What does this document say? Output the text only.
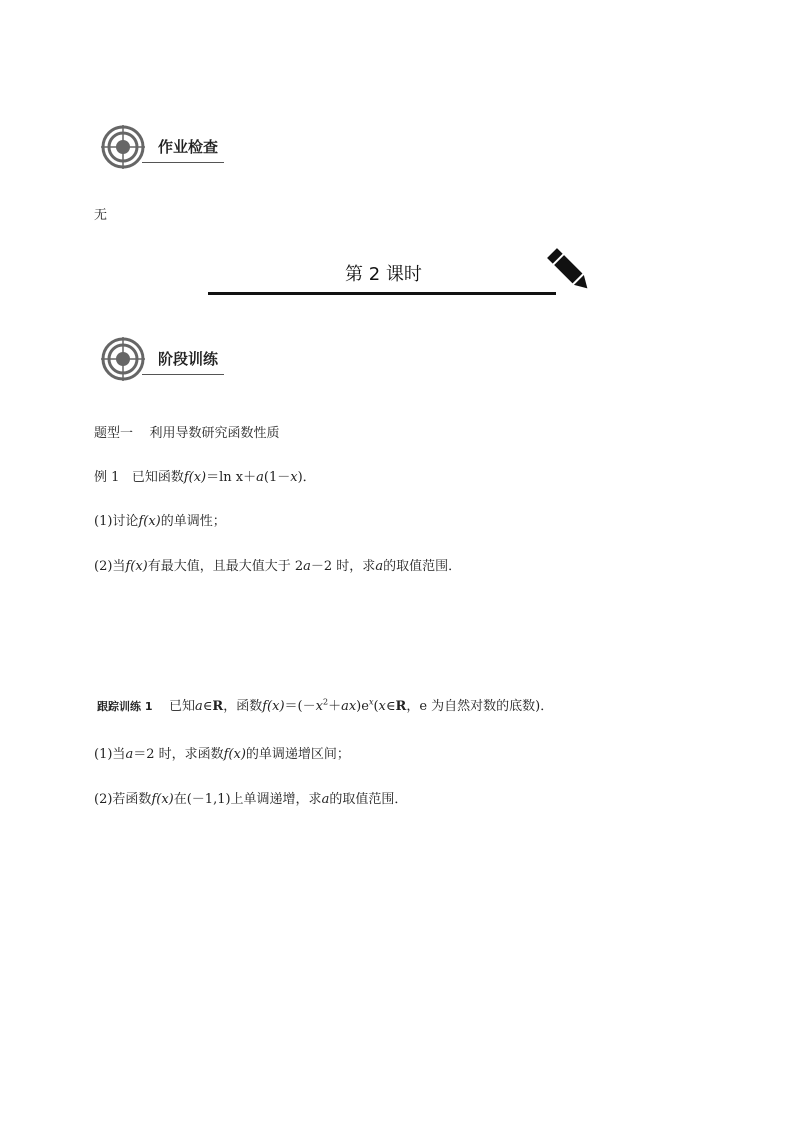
作业检查
无
第 2 课时
阶段训练
题型一 利用导数研究函数性质
例 1 已知函数f(x)＝ln x＋a(1－x)．
(1)讨论f(x)的单调性；
(2)当f(x)有最大值，且最大值大于 2a－2 时，求a的取值范围．
跟踪训练 1 已知a∈R，函数$f(x)=(-x^2+ax)e^x(x\in R$，e 为自然对数的底数)．
(1)当a＝2 时，求函数f(x)的单调递增区间；
(2)若函数f(x)在(－1,1)上单调递增，求a的取值范围．
